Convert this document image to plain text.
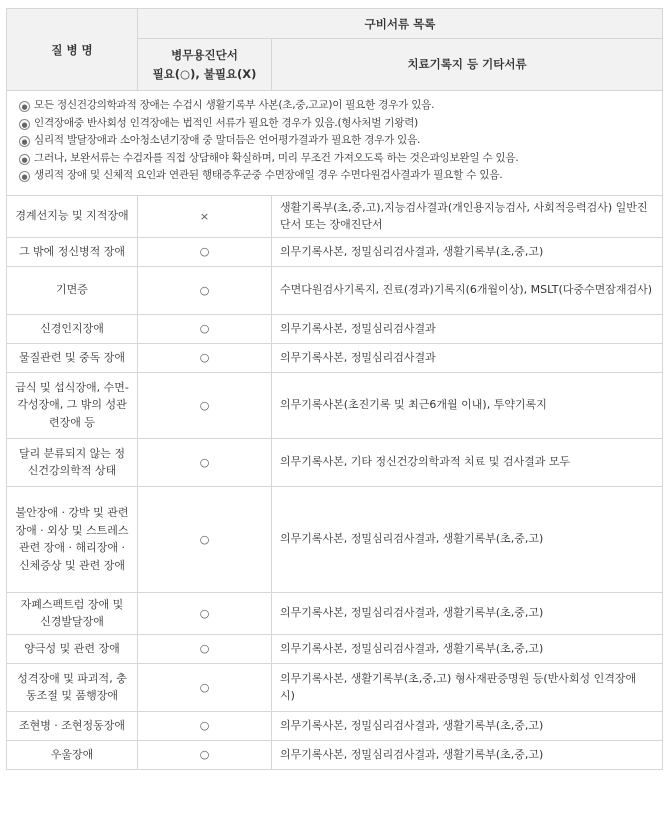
질 병 명	구비서류 목록	

	병무용진단서
필요(○), 불필요(X)	치료기록지 등 기타서류

● 모든 정신건강의학과적 장애는 수검시 생활기록부 사본(초,중,고교)이 필요한 경우가 있음.
● 인격장애중 반사회성 인격장애는 법적인 서류가 필요한 경우가 있음.(형사처벌 기왕력)
● 심리적 발달장애과 소아청소년기장애 중 말더듬은 언어평가결과가 필요한 경우가 있음.
● 그러나, 보완서류는 수검자를 직접 상담해야 확실하며, 미리 무조건 가져오도록 하는 것은과잉보완일 수 있음.
● 생리적 장애 및 신체적 요인과 연관된 행태증후군중 수면장애일 경우 수면다원검사결과가 필요할 수 있음.		

경계선지능 및 지적장애	×	생활기록부(초,중,고),지능검사결과(개인용지능검사, 사회적응력검사) 일반진단서 또는 장애진단서
그 밖에 정신병적 장애	○	의무기록사본, 정밀심리검사결과, 생활기록부(초,중,고)
기면증	○	수면다원검사기록지, 진료(경과)기록지(6개월이상), MSLT(다중수면잠재검사)
신경인지장애	○	의무기록사본, 정밀심리검사결과
물질관련 및 중독 장애	○	의무기록사본, 정밀심리검사결과
급식 및 섭식장애, 수면-각성장애, 그 밖의 성관련장애 등	○	의무기록사본(초진기록 및 최근6개월 이내), 투약기록지
달리 분류되지 않는 정신건강의학적 상태	○	의무기록사본, 기타 정신건강의학과적 치료 및 검사결과 모두
불안장애 · 강박 및 관련 장애 · 외상 및 스트레스 관련 장애 · 해리장애 · 신체증상 및 관련 장애	○	의무기록사본, 정밀심리검사결과, 생활기록부(초,중,고)
자폐스펙트럼 장애 및 신경발달장애	○	의무기록사본, 정밀심리검사결과, 생활기록부(초,중,고)
양극성 및 관련 장애	○	의무기록사본, 정밀심리검사결과, 생활기록부(초,중,고)
성격장애 및 파괴적, 충동조절 및 품행장애	○	의무기록사본, 생활기록부(초,중,고) 형사재판증명원 등(반사회성 인격장애 시)
조현병 · 조현정동장애	○	의무기록사본, 정밀심리검사결과, 생활기록부(초,중,고)
우울장애	○	의무기록사본, 정밀심리검사결과, 생활기록부(초,중,고)
